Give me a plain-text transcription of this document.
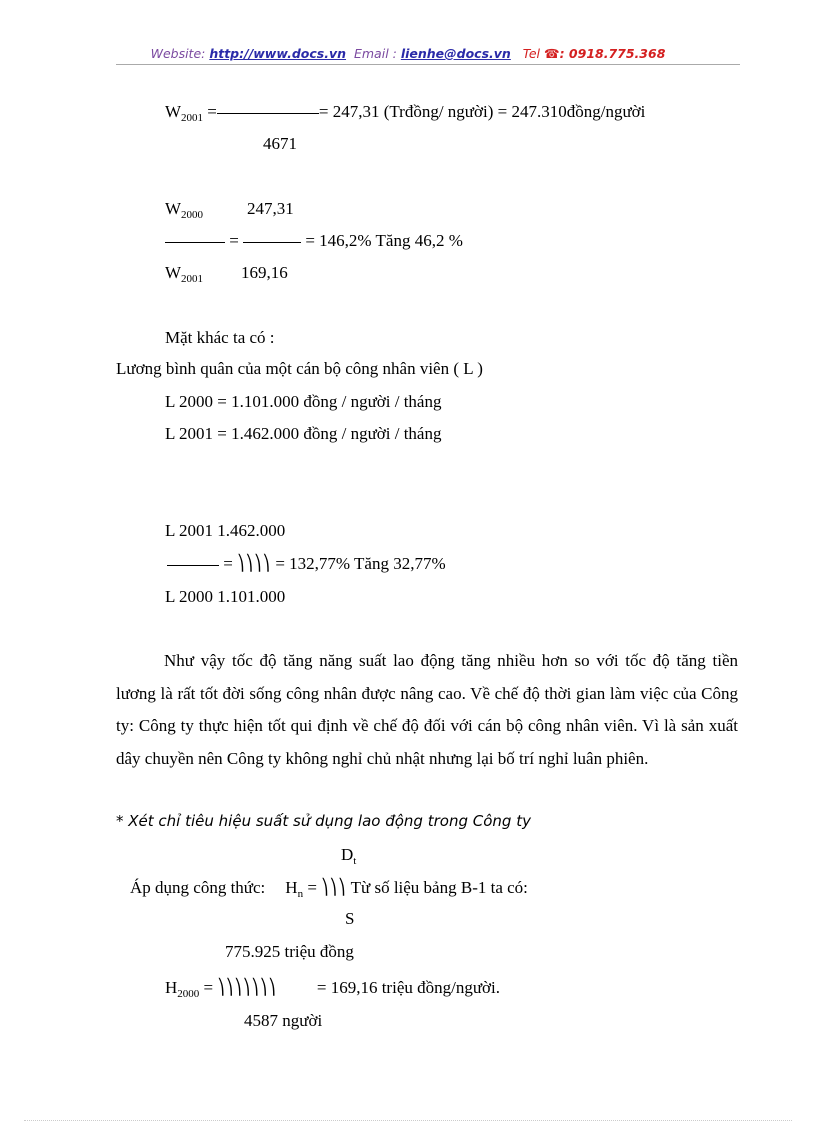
Website: http://www.docs.vn Email : lienhe@docs.vn Tel ☎: 0918.775.368
$W_{2001}$ =	= 247,31 (Trđồng/ người) = 247.310đồng/người
4671
$W_{2000}$	247,31
=	= 146,2% Tăng 46,2 %
$W_{2001}$ 169,16
Mặt khác ta có :
Lương bình quân của một cán bộ công nhân viên ( L )
L 2000 = 1.101.000 đồng / người / tháng
L 2001 = 1.462.000 đồng / người / tháng
L 2001 1.462.000
= ⎞⎞⎞⎞ = 132,77% Tăng 32,77%
L 2000 1.101.000
Như vậy tốc độ tăng năng suất lao động tăng nhiều hơn so với tốc độ tăng tiền lương là rất tốt đời sống công nhân được nâng cao. Về chế độ thời gian làm việc của Công ty: Công ty thực hiện tốt qui định về chế độ đối với cán bộ công nhân viên. Vì là sản xuất dây chuyền nên Công ty không nghỉ chủ nhật nhưng lại bố trí nghỉ luân phiên.
* Xét chỉ tiêu hiệu suất sử dụng lao động trong Công ty
$D_t$
Áp dụng công thức: $H_n$ = ⎞⎞⎞ Từ số liệu bảng B-1 ta có:
S
775.925 triệu đồng
$H_{2000}$ = ⎞⎞⎞⎞⎞⎞⎞ = 169,16 triệu đồng/người.
4587 người
